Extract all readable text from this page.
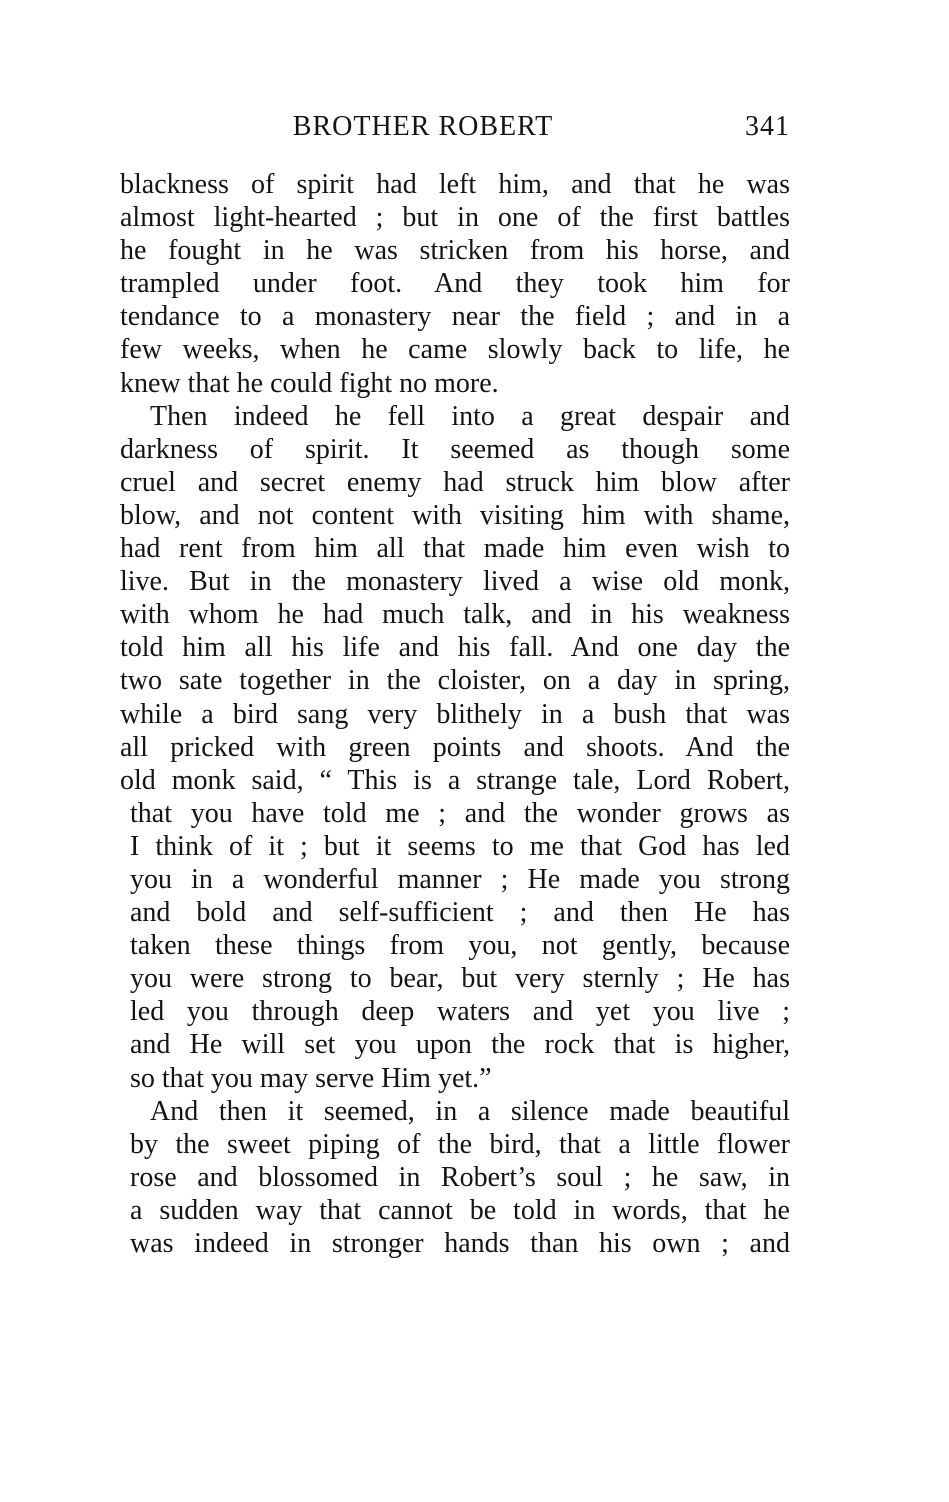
BROTHER ROBERT	341
blackness of spirit had left him, and that he was
almost light-hearted ; but in one of the first battles
he fought in he was stricken from his horse, and
trampled under foot. And they took him for
tendance to a monastery near the field ; and in a
few weeks, when he came slowly back to life, he
knew that he could fight no more.
Then indeed he fell into a great despair and
darkness of spirit. It seemed as though some
cruel and secret enemy had struck him blow after
blow, and not content with visiting him with shame,
had rent from him all that made him even wish to
live. But in the monastery lived a wise old monk,
with whom he had much talk, and in his weakness
told him all his life and his fall. And one day the
two sate together in the cloister, on a day in spring,
while a bird sang very blithely in a bush that was
all pricked with green points and shoots. And the
old monk said, “ This is a strange tale, Lord Robert,
that you have told me ; and the wonder grows as
I think of it ; but it seems to me that God has led
you in a wonderful manner ; He made you strong
and bold and self-sufficient ; and then He has
taken these things from you, not gently, because
you were strong to bear, but very sternly ; He has
led you through deep waters and yet you live ;
and He will set you upon the rock that is higher,
so that you may serve Him yet.”
And then it seemed, in a silence made beautiful
by the sweet piping of the bird, that a little flower
rose and blossomed in Robert’s soul ; he saw, in
a sudden way that cannot be told in words, that he
was indeed in stronger hands than his own ; and
